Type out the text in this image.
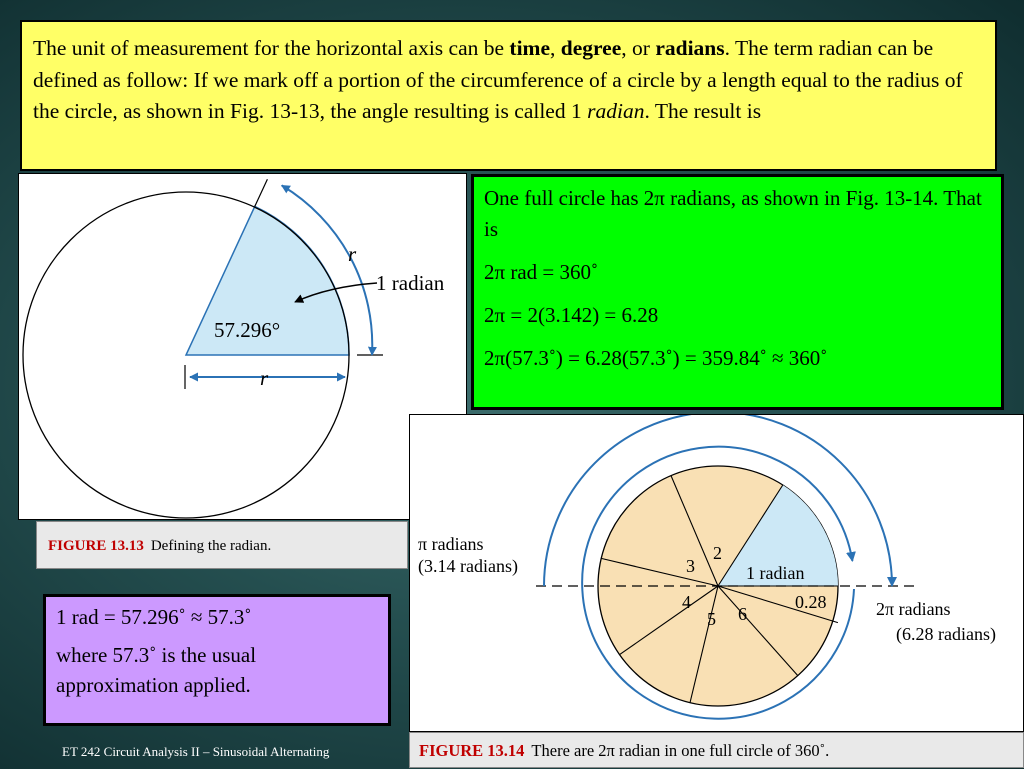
The unit of measurement for the horizontal axis can be time, degree, or radians. The term radian can be defined as follow: If we mark off a portion of the circumference of a circle by a length equal to the radius of the circle, as shown in Fig. 13-13, the angle resulting is called 1 radian. The result is
r
1 radian
57.296°
r

One full circle has 2π radians, as shown in Fig. 13-14. That is

2π rad = 360˚

2π = 2(3.142) = 6.28

2π(57.3˚) = 6.28(57.3˚) = 359.84˚ ≈ 360˚

π radians
(3.14 radians)
2π radians
(6.28 radians)
1 radian
0.28
2
3
4
5 6
FIGURE 13.13 Defining the radian.

1 rad = 57.296˚ ≈ 57.3˚

where 57.3˚ is the usual approximation applied.

ET 242 Circuit Analysis II – Sinusoidal Alternating	FIGURE 13.14 There are 2π radian in one full circle of 360˚.
